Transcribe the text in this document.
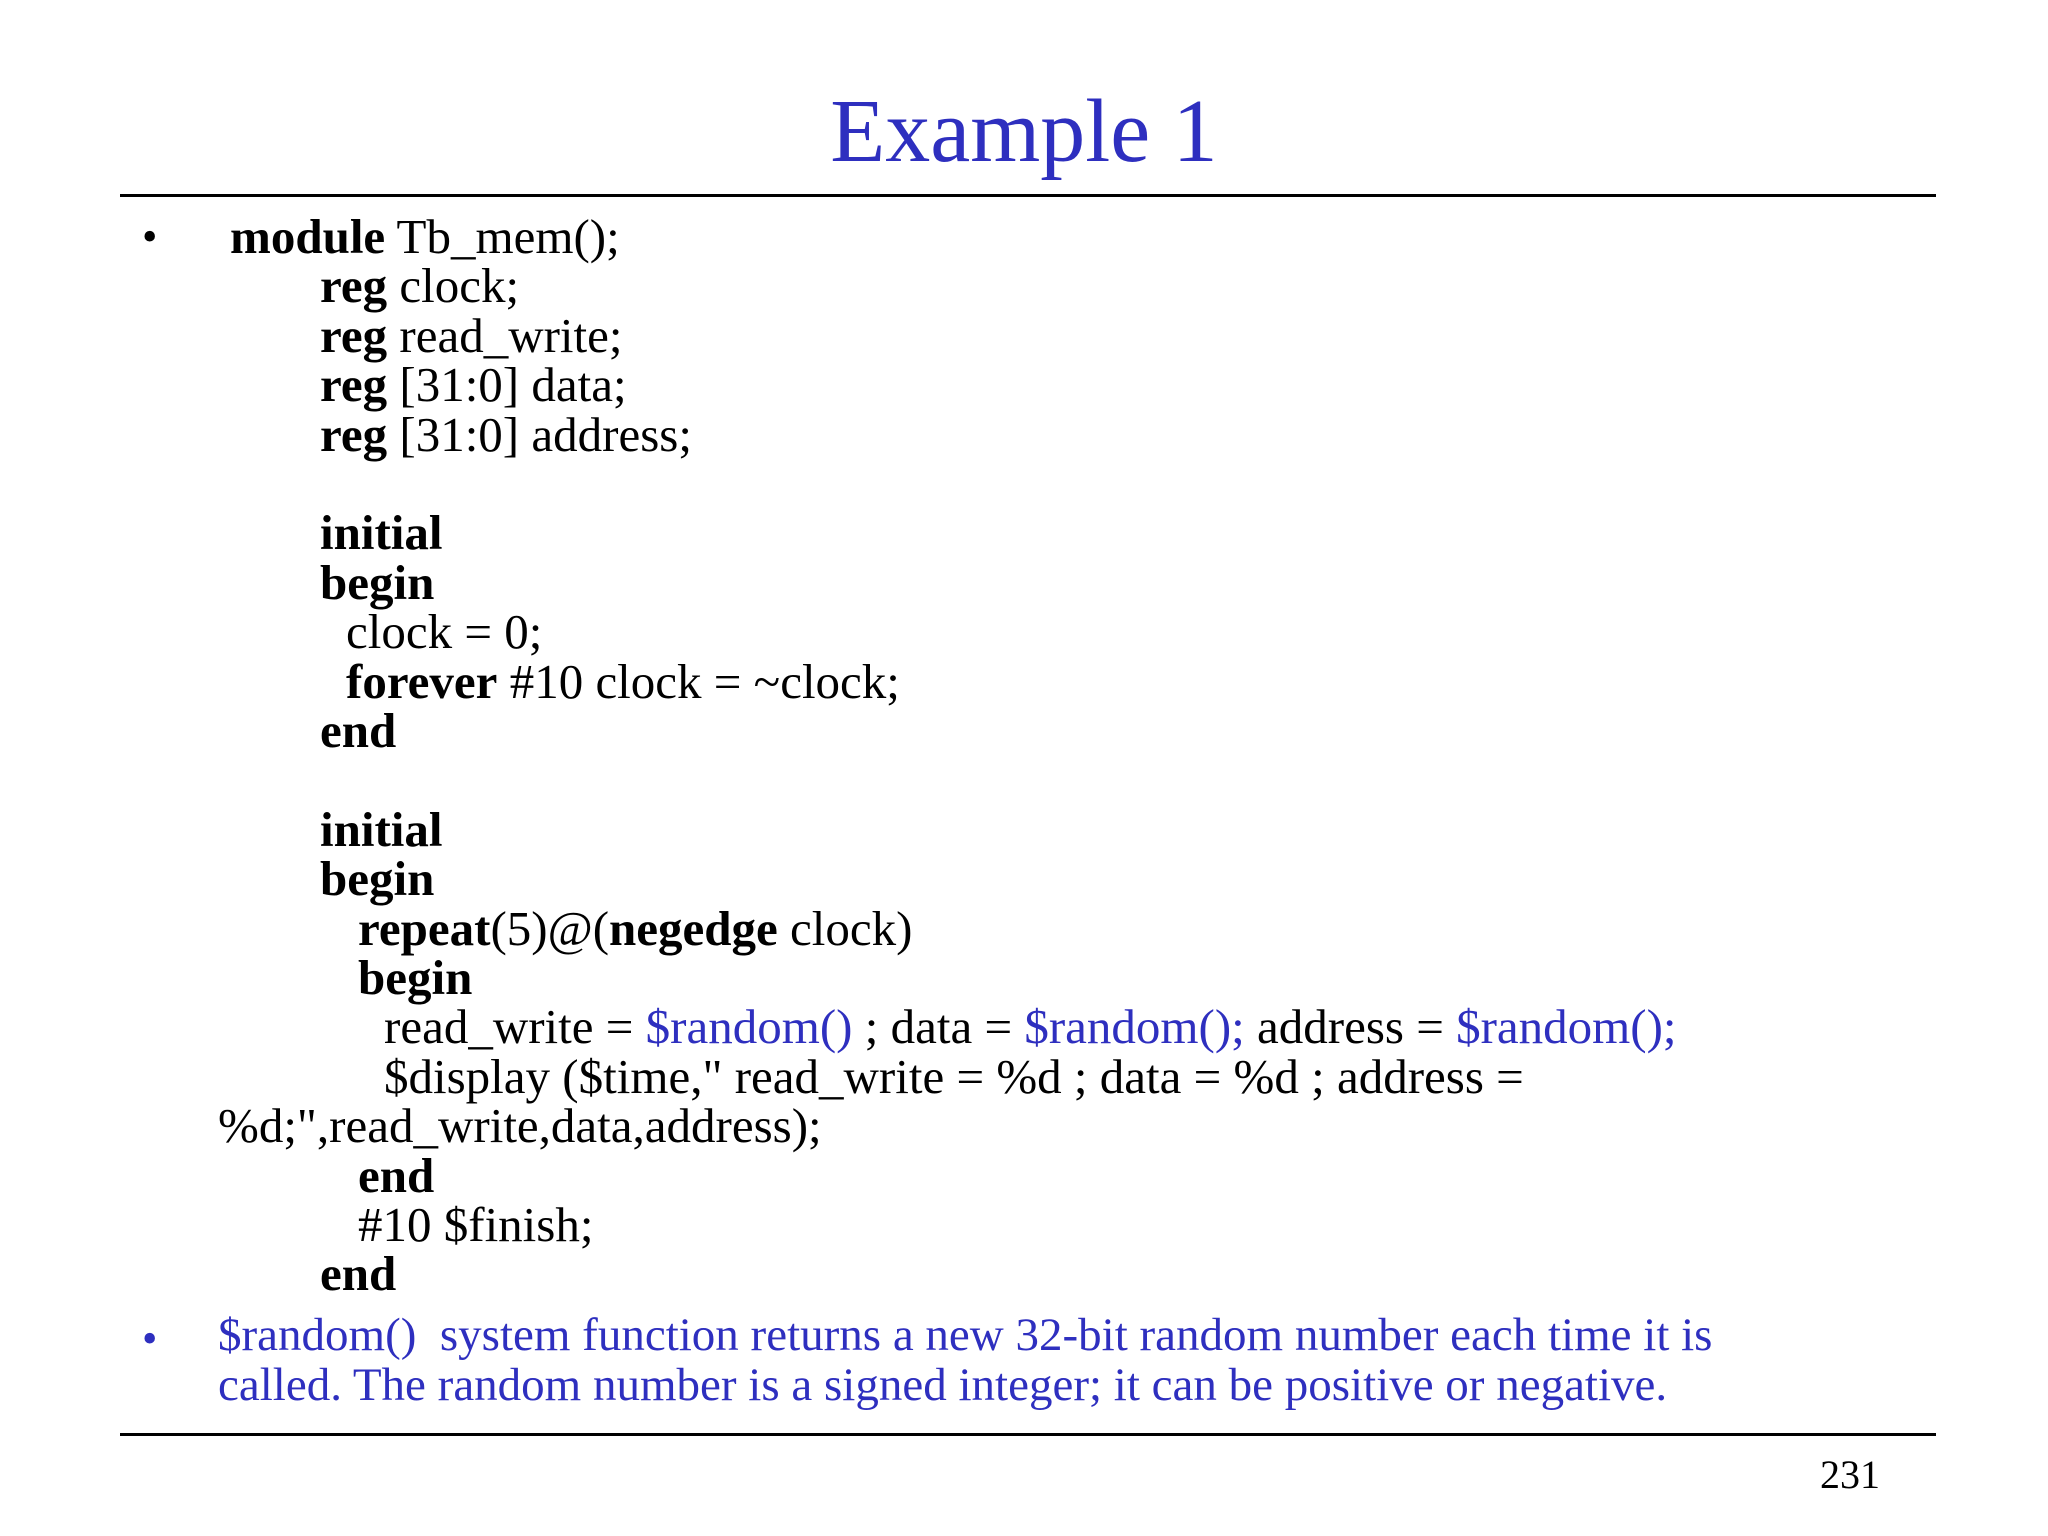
Example 1
•

module Tb_mem();

reg clock;

reg read_write;

reg [31:0] data;

reg [31:0] address;

initial

begin

clock = 0;

forever #10 clock = ~clock;

end

initial

begin

repeat(5)@(negedge clock)

begin

read_write = $random() ; data = $random(); address = $random();

$display ($time," read_write = %d ; data = %d ; address =

%d;",read_write,data,address);

end

#10 $finish;

end

• $random()  system function returns a new 32-bit random number each time it is
called. The random number is a signed integer; it can be positive or negative.
231
